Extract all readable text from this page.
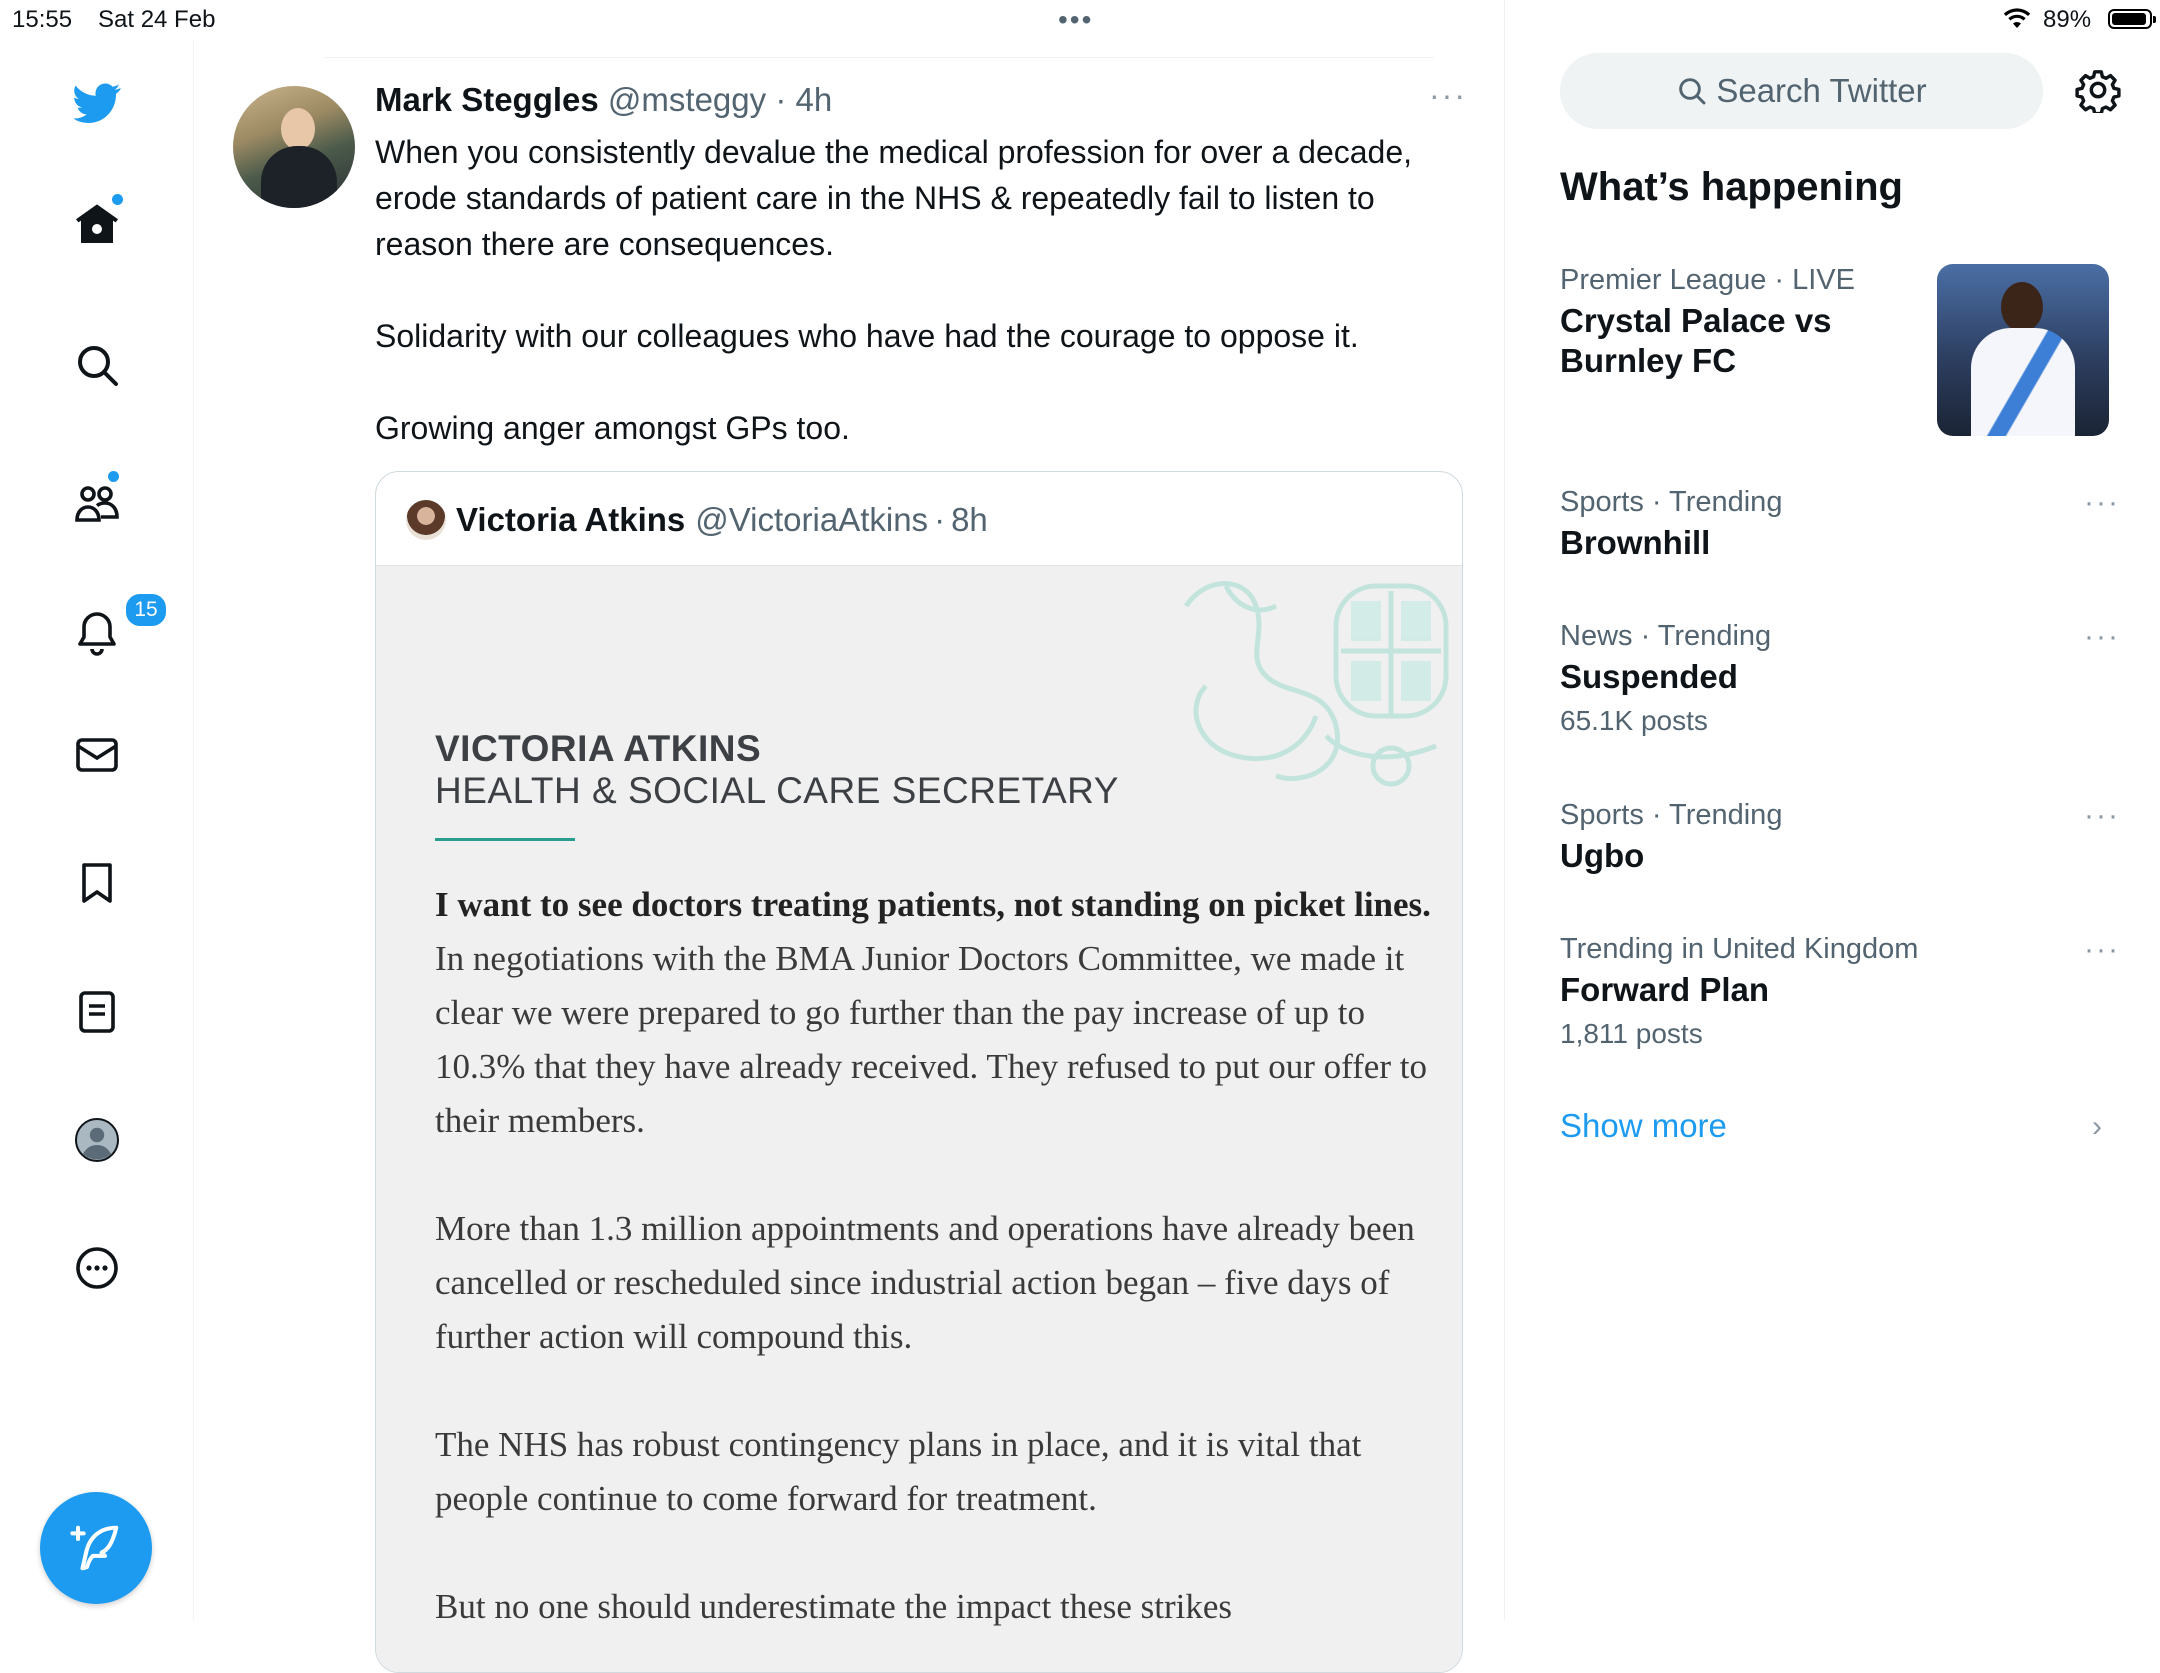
15:55 Sat 24 Feb	•••	89%
15
Mark Steggles @msteggy · 4h	···

When you consistently devalue the medical profession for over a decade, erode standards of patient care in the NHS & repeatedly fail to listen to reason there are consequences.

Solidarity with our colleagues who have had the courage to oppose it.

Growing anger amongst GPs too.

Victoria Atkins @VictoriaAtkins · 8h
VICTORIA ATKINS
HEALTH & SOCIAL CARE SECRETARY

I want to see doctors treating patients, not standing on picket lines. In negotiations with the BMA Junior Doctors Committee, we made it clear we were prepared to go further than the pay increase of up to 10.3% that they have already received. They refused to put our offer to their members.

More than 1.3 million appointments and operations have already been cancelled or rescheduled since industrial action began – five days of further action will compound this.

The NHS has robust contingency plans in place, and it is vital that people continue to come forward for treatment.

But no one should underestimate the impact these strikes

Search Twitter
What’s happening
Premier League · LIVE
Crystal Palace vs Burnley FC
Sports · Trending
Brownhill
···
News · Trending
Suspended
65.1K posts
···
Sports · Trending
Ugbo
···
Trending in United Kingdom
Forward Plan
1,811 posts
···
Show more	›
